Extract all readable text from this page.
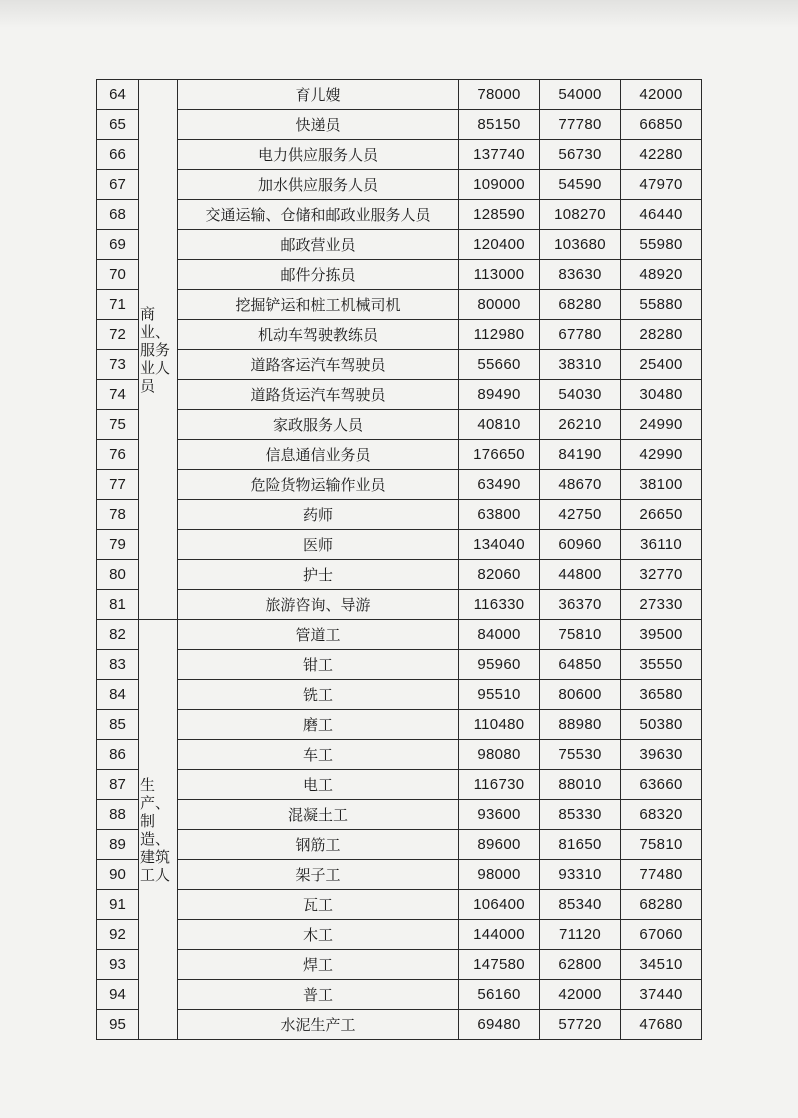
64	商业、服务业人员	育儿嫂	78000	54000	42000
65		快递员	85150	77780	66850
66		电力供应服务人员	137740	56730	42280
67		加水供应服务人员	109000	54590	47970
68		交通运输、仓储和邮政业服务人员	128590	108270	46440
69		邮政营业员	120400	103680	55980
70		邮件分拣员	113000	83630	48920
71		挖掘铲运和桩工机械司机	80000	68280	55880
72		机动车驾驶教练员	112980	67780	28280
73		道路客运汽车驾驶员	55660	38310	25400
74		道路货运汽车驾驶员	89490	54030	30480
75		家政服务人员	40810	26210	24990
76		信息通信业务员	176650	84190	42990
77		危险货物运输作业员	63490	48670	38100
78		药师	63800	42750	26650
79		医师	134040	60960	36110
80		护士	82060	44800	32770
81		旅游咨询、导游	116330	36370	27330
82	生产、制造、建筑工人	管道工	84000	75810	39500
83		钳工	95960	64850	35550
84		铣工	95510	80600	36580
85		磨工	110480	88980	50380
86		车工	98080	75530	39630
87		电工	116730	88010	63660
88		混凝土工	93600	85330	68320
89		钢筋工	89600	81650	75810
90		架子工	98000	93310	77480
91		瓦工	106400	85340	68280
92		木工	144000	71120	67060
93		焊工	147580	62800	34510
94		普工	56160	42000	37440
95		水泥生产工	69480	57720	47680
